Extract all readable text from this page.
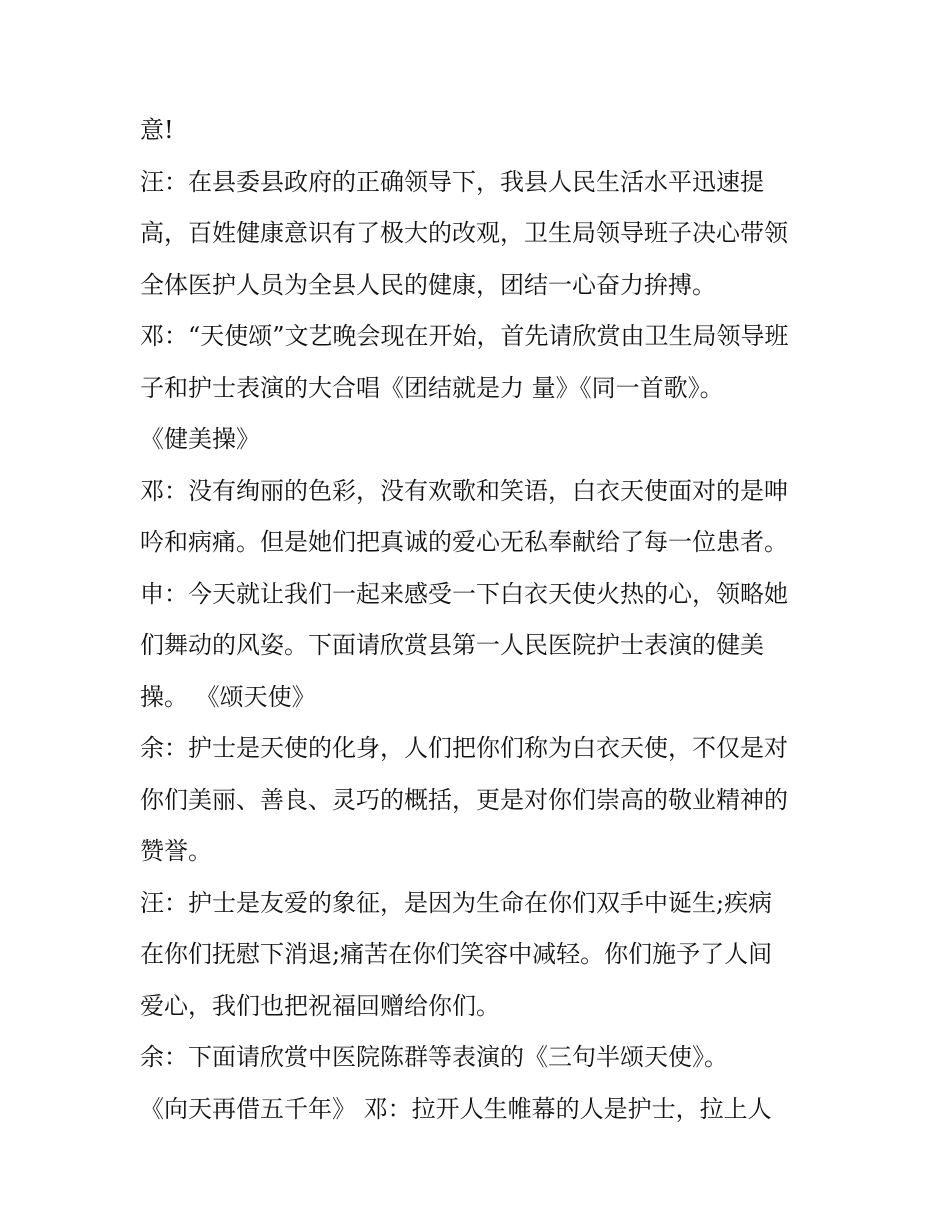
意!
汪：在县委县政府的正确领导下，我县人民生活水平迅速提
高，百姓健康意识有了极大的改观，卫生局领导班子决心带领
全体医护人员为全县人民的健康，团结一心奋力拚搏。
邓：“天使颂”文艺晚会现在开始，首先请欣赏由卫生局领导班
子和护士表演的大合唱《团结就是力 量》《同一首歌》。
《健美操》
邓：没有绚丽的色彩，没有欢歌和笑语，白衣天使面对的是呻
吟和病痛。但是她们把真诚的爱心无私奉献给了每一位患者。
申：今天就让我们一起来感受一下白衣天使火热的心，领略她
们舞动的风姿。下面请欣赏县第一人民医院护士表演的健美
操。 《颂天使》
余：护士是天使的化身，人们把你们称为白衣天使，不仅是对
你们美丽、善良、灵巧的概括，更是对你们崇高的敬业精神的
赞誉。
汪：护士是友爱的象征，是因为生命在你们双手中诞生;疾病
在你们抚慰下消退;痛苦在你们笑容中减轻。你们施予了人间
爱心，我们也把祝福回赠给你们。
余：下面请欣赏中医院陈群等表演的《三句半颂天使》。
《向天再借五千年》 邓：拉开人生帷幕的人是护士，拉上人
